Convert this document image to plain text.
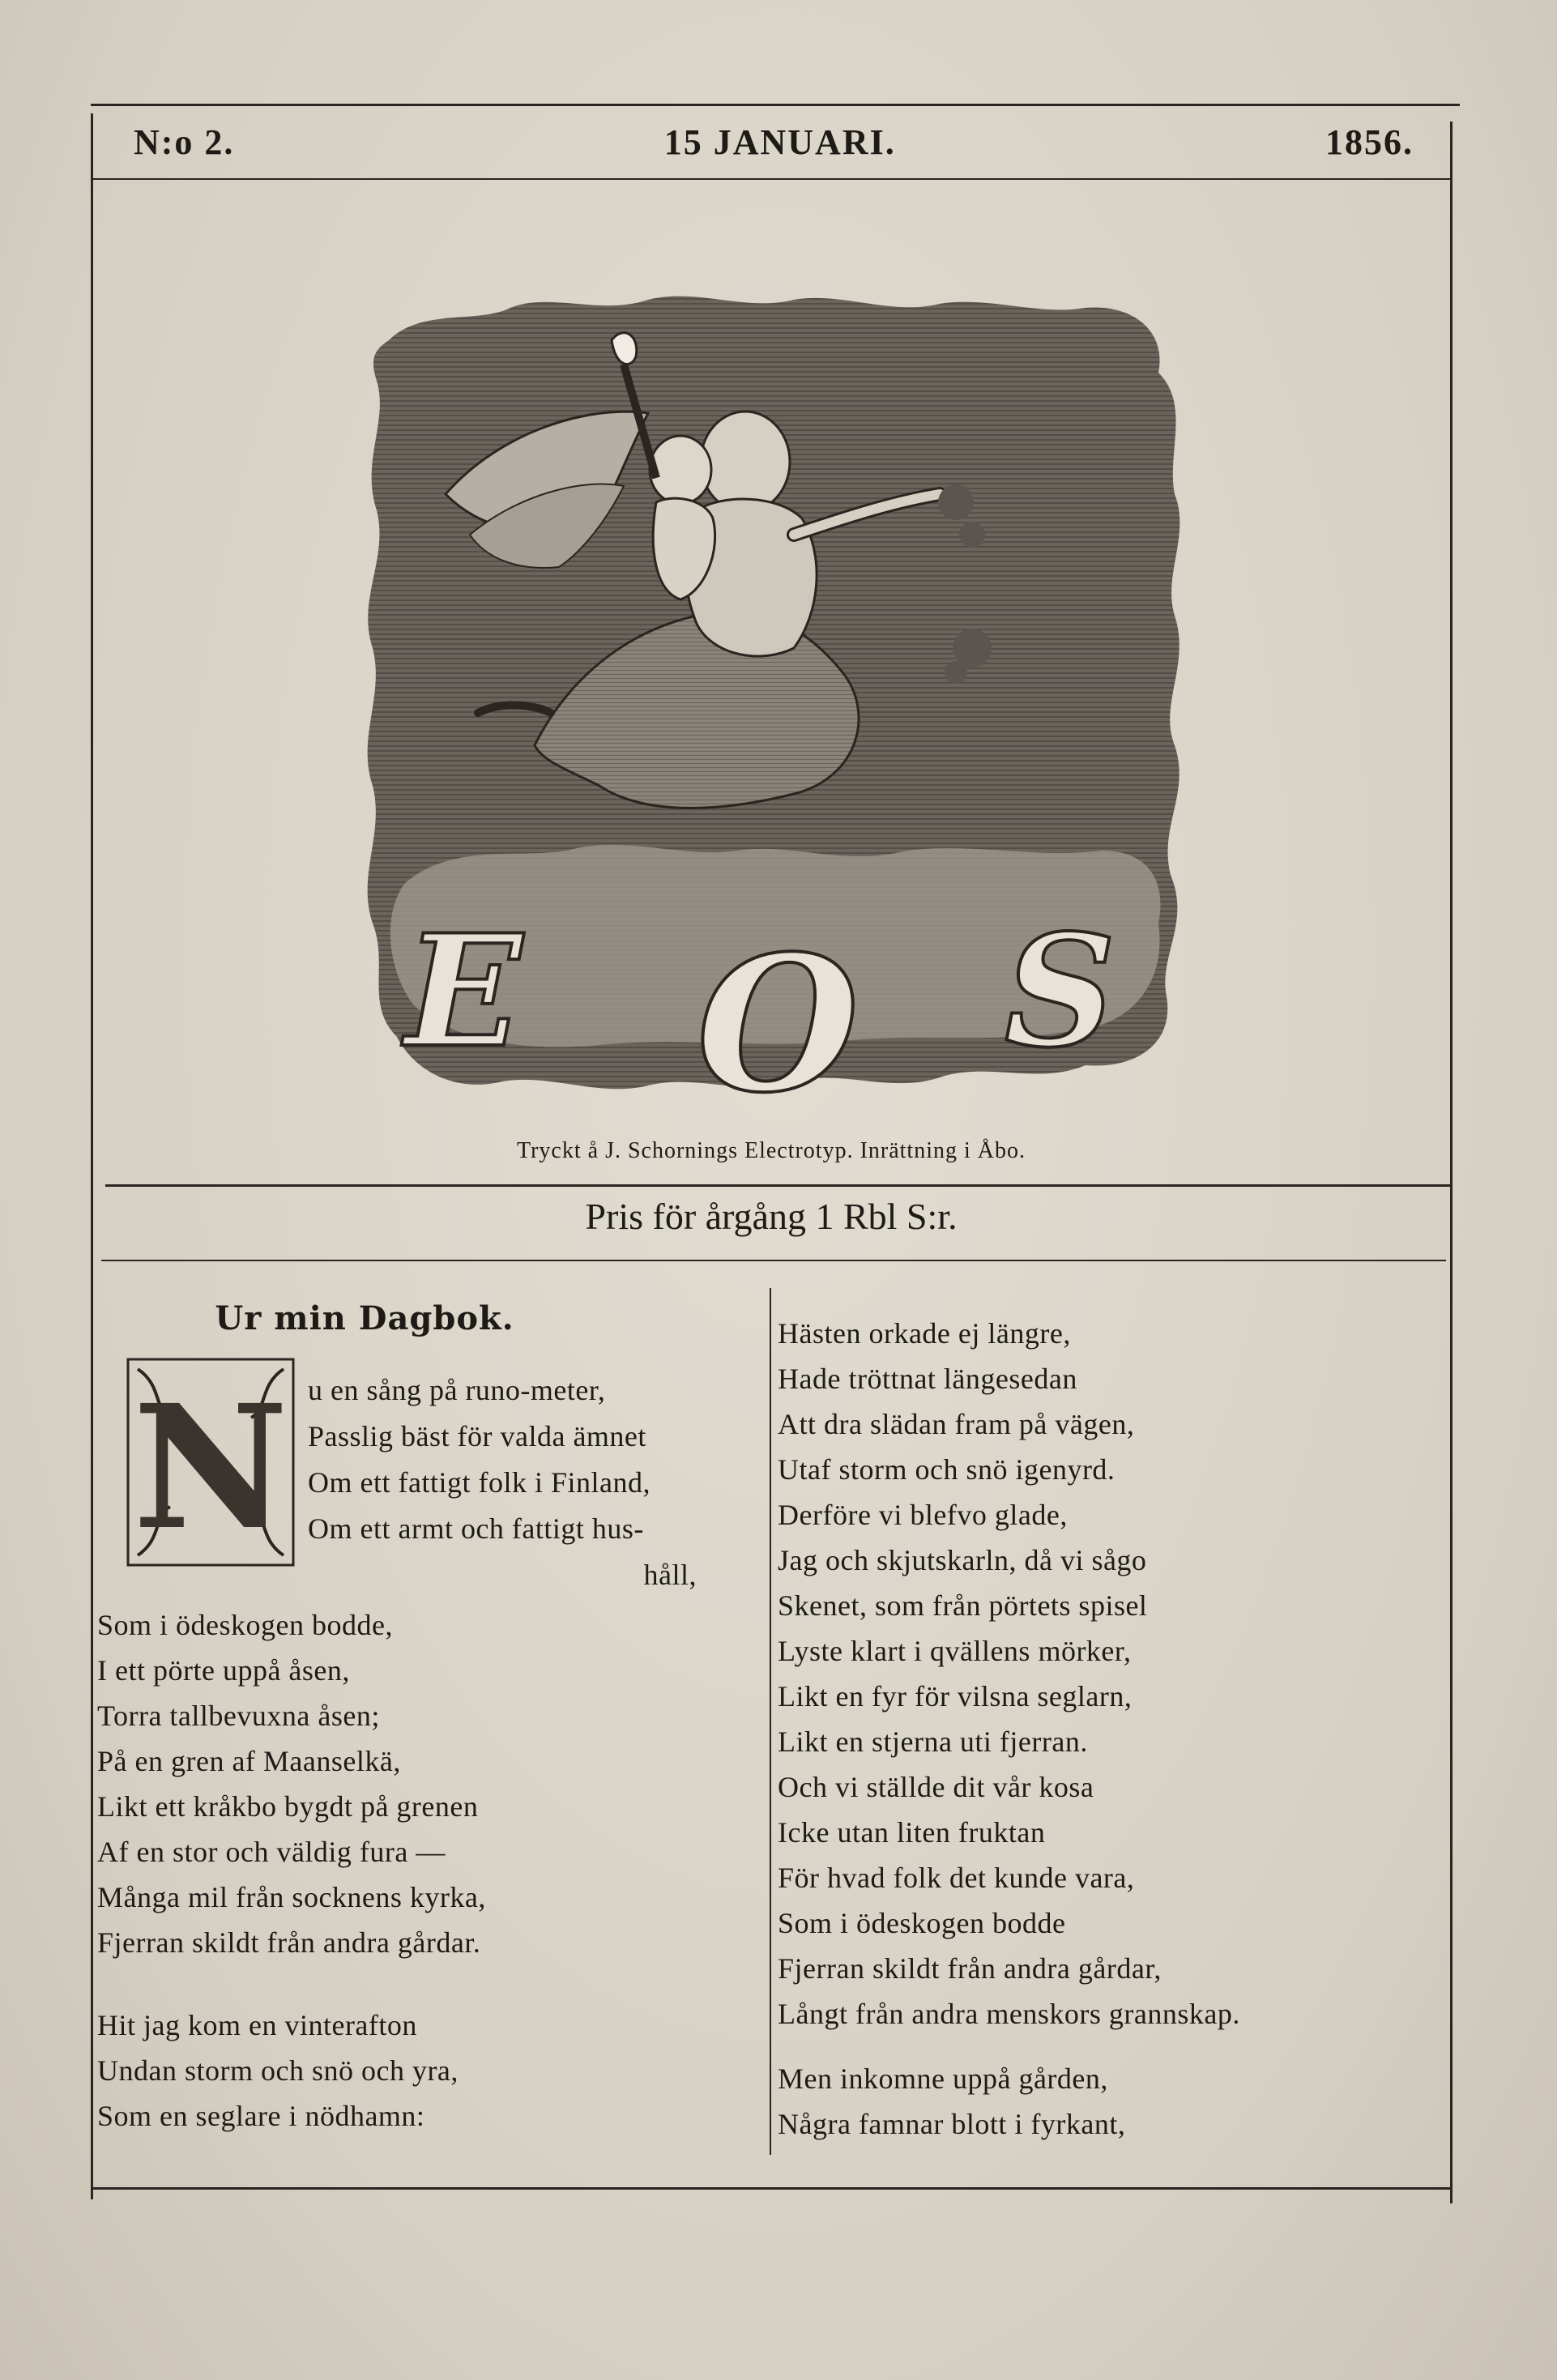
N:o 2.	15 JANUARI.	1856.
E O S
Tryckt å J. Schornings Electrotyp. Inrättning i Åbo.
Pris för årgång 1 Rbl S:r.
Ur min Dagbok.
N u en sång på runo-meter,
Passlig bäst för valda ämnet
Om ett fattigt folk i Finland,
Om ett armt och fattigt hus-
håll,
Som i ödeskogen bodde,
I ett pörte uppå åsen,
Torra tallbevuxna åsen;
På en gren af Maanselkä,
Likt ett kråkbo bygdt på grenen
Af en stor och väldig fura —
Många mil från socknens kyrka,
Fjerran skildt från andra gårdar.
Hit jag kom en vinterafton
Undan storm och snö och yra,
Som en seglare i nödhamn:
Hästen orkade ej längre,
Hade tröttnat längesedan
Att dra slädan fram på vägen,
Utaf storm och snö igenyrd.
Derföre vi blefvo glade,
Jag och skjutskarln, då vi sågo
Skenet, som från pörtets spisel
Lyste klart i qvällens mörker,
Likt en fyr för vilsna seglarn,
Likt en stjerna uti fjerran.
Och vi ställde dit vår kosa
Icke utan liten fruktan
För hvad folk det kunde vara,
Som i ödeskogen bodde
Fjerran skildt från andra gårdar,
Långt från andra menskors grannskap.
Men inkomne uppå gården,
Några famnar blott i fyrkant,
